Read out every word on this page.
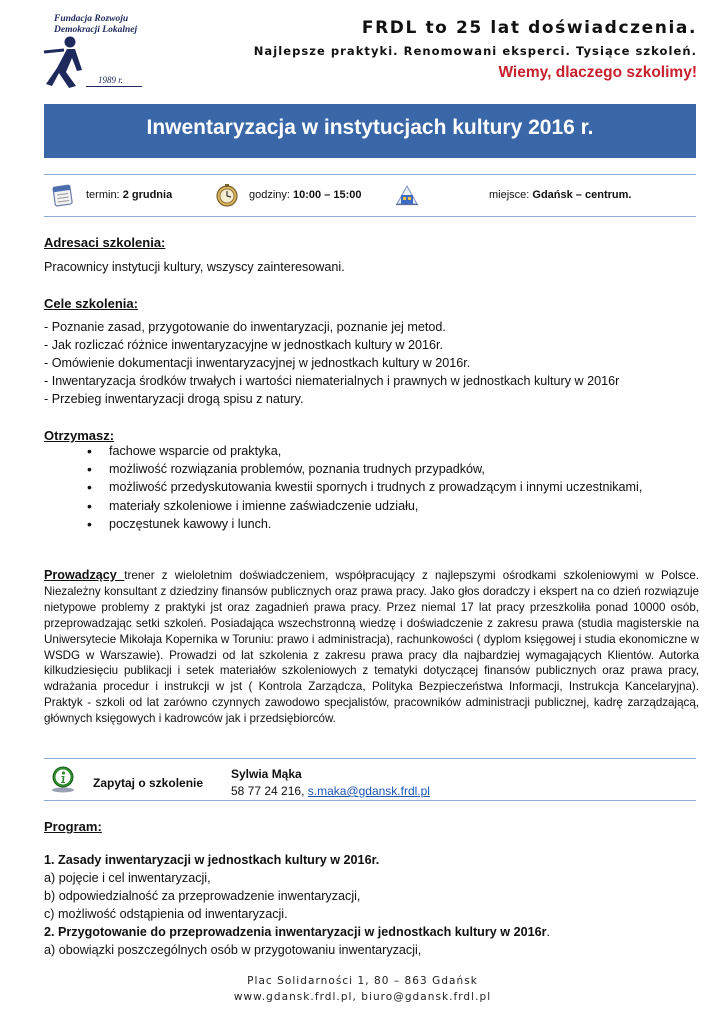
Fundacja Rozwoju
Demokracji Lokalnej
1989 r.
FRDL to 25 lat doświadczenia.
Najlepsze praktyki. Renomowani eksperci. Tysiące szkoleń.
Wiemy, dlaczego szkolimy!
Inwentaryzacja w instytucjach kultury 2016 r.
termin: 2 grudnia	godziny: 10:00 – 15:00	miejsce: Gdańsk – centrum.
Adresaci szkolenia:
Pracownicy instytucji kultury, wszyscy zainteresowani.
Cele szkolenia:
- Poznanie zasad, przygotowanie do inwentaryzacji, poznanie jej metod.
- Jak rozliczać różnice inwentaryzacyjne w jednostkach kultury w 2016r.
- Omówienie dokumentacji inwentaryzacyjnej w jednostkach kultury w 2016r.
- Inwentaryzacja środków trwałych i wartości niematerialnych i prawnych w jednostkach kultury w 2016r
- Przebieg inwentaryzacji drogą spisu z natury.
Otrzymasz:
• fachowe wsparcie od praktyka,
• możliwość rozwiązania problemów, poznania trudnych przypadków,
• możliwość przedyskutowania kwestii spornych i trudnych z prowadzącym i innymi uczestnikami,
• materiały szkoleniowe i imienne zaświadczenie udziału,
• poczęstunek kawowy i lunch.
Prowadzący trener z wieloletnim doświadczeniem, współpracujący z najlepszymi ośrodkami szkoleniowymi w Polsce. Niezależny konsultant z dziedziny finansów publicznych oraz prawa pracy. Jako głos doradczy i ekspert na co dzień rozwiązuje nietypowe problemy z praktyki jst oraz zagadnień prawa pracy. Przez niemal 17 lat pracy przeszkoliła ponad 10000 osób, przeprowadzając setki szkoleń. Posiadająca wszechstronną wiedzę i doświadczenie z zakresu prawa (studia magisterskie na Uniwersytecie Mikołaja Kopernika w Toruniu: prawo i administracja), rachunkowości ( dyplom księgowej i studia ekonomiczne w WSDG w Warszawie). Prowadzi od lat szkolenia z zakresu prawa pracy dla najbardziej wymagających Klientów. Autorka kilkudziesięciu publikacji i setek materiałów szkoleniowych z tematyki dotyczącej finansów publicznych oraz prawa pracy, wdrażania procedur i instrukcji w jst ( Kontrola Zarządcza, Polityka Bezpieczeństwa Informacji, Instrukcja Kancelaryjna). Praktyk - szkoli od lat zarówno czynnych zawodowo specjalistów, pracowników administracji publicznej, kadrę zarządzającą, głównych księgowych i kadrowców jak i przedsiębiorców.
Zapytaj o szkolenie
Sylwia Mąka
58 77 24 216, s.maka@gdansk.frdl.pl
Program:
1. Zasady inwentaryzacji w jednostkach kultury w 2016r.
a) pojęcie i cel inwentaryzacji,
b) odpowiedzialność za przeprowadzenie inwentaryzacji,
c) możliwość odstąpienia od inwentaryzacji.
2. Przygotowanie do przeprowadzenia inwentaryzacji w jednostkach kultury w 2016r.
a) obowiązki poszczególnych osób w przygotowaniu inwentaryzacji,
Plac Solidarności 1, 80 – 863 Gdańsk
www.gdansk.frdl.pl, biuro@gdansk.frdl.pl
